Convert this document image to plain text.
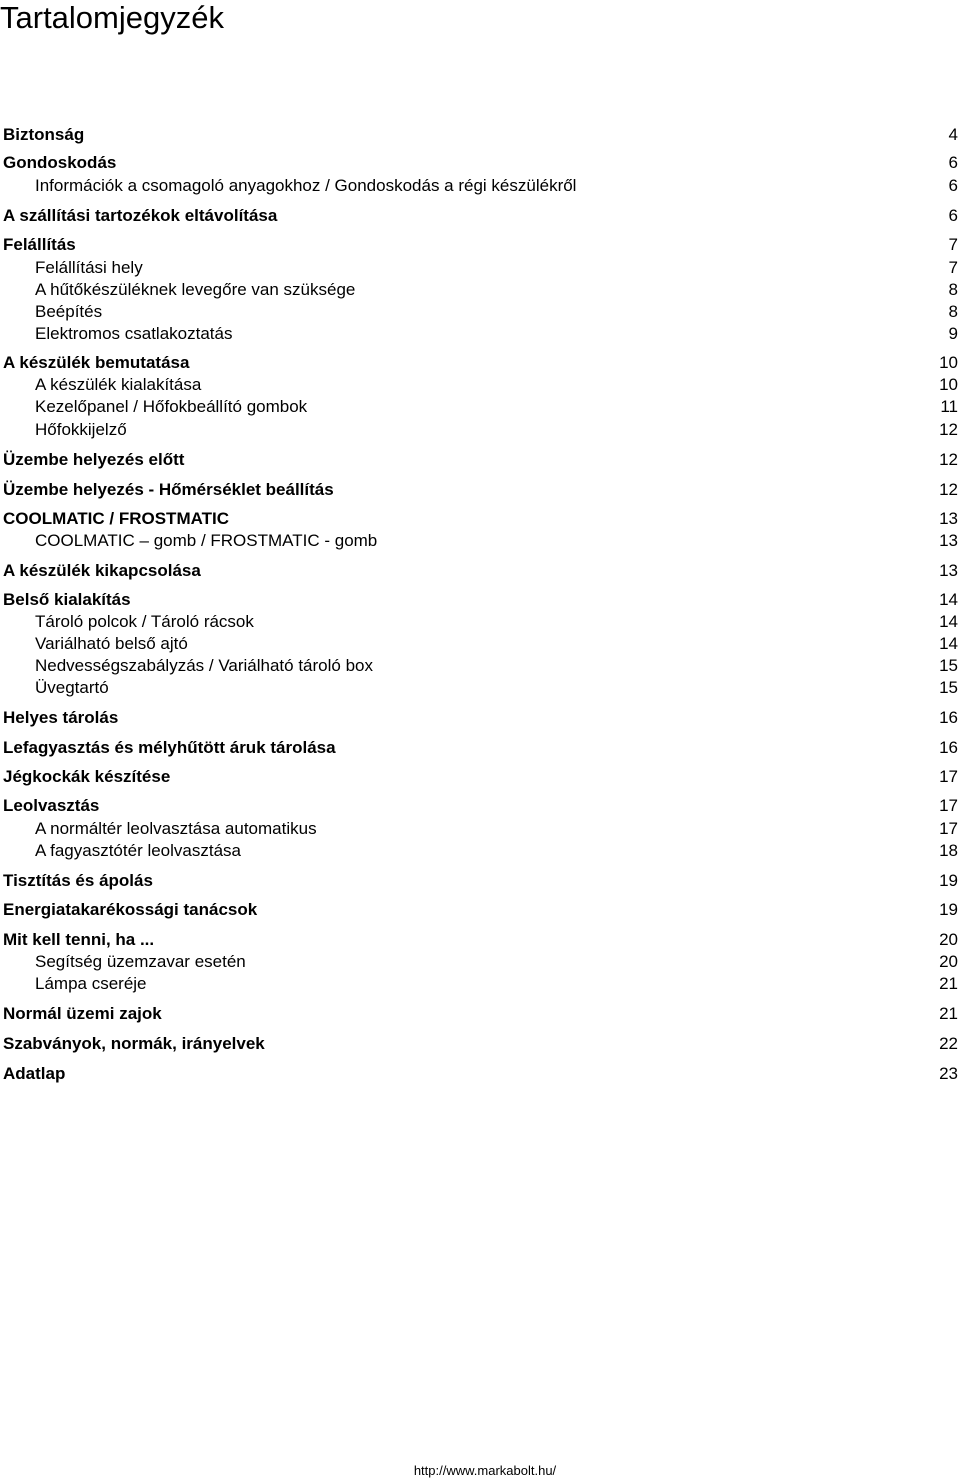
Tartalomjegyzék
Biztonság	4
Gondoskodás	6
Információk a csomagoló anyagokhoz / Gondoskodás a régi készülékről	6
A szállítási tartozékok eltávolítása	6
Felállítás	7
Felállítási hely	7
A hűtőkészüléknek levegőre van szüksége	8
Beépítés	8
Elektromos csatlakoztatás	9
A készülék bemutatása	10
A készülék kialakítása	10
Kezelőpanel / Hőfokbeállító gombok	11
Hőfokkijelző	12
Üzembe helyezés előtt	12
Üzembe helyezés - Hőmérséklet beállítás	12
COOLMATIC / FROSTMATIC	13
COOLMATIC – gomb / FROSTMATIC - gomb	13
A készülék kikapcsolása	13
Belső kialakítás	14
Tároló polcok / Tároló rácsok	14
Variálható belső ajtó	14
Nedvességszabályzás / Variálható tároló box	15
Üvegtartó	15
Helyes tárolás	16
Lefagyasztás és mélyhűtött áruk tárolása	16
Jégkockák készítése	17
Leolvasztás	17
A normáltér leolvasztása automatikus	17
A fagyasztótér leolvasztása	18
Tisztítás és ápolás	19
Energiatakarékossági tanácsok	19
Mit kell tenni, ha ...	20
Segítség üzemzavar esetén	20
Lámpa cseréje	21
Normál üzemi zajok	21
Szabványok, normák, irányelvek	22
Adatlap	23
http://www.markabolt.hu/
